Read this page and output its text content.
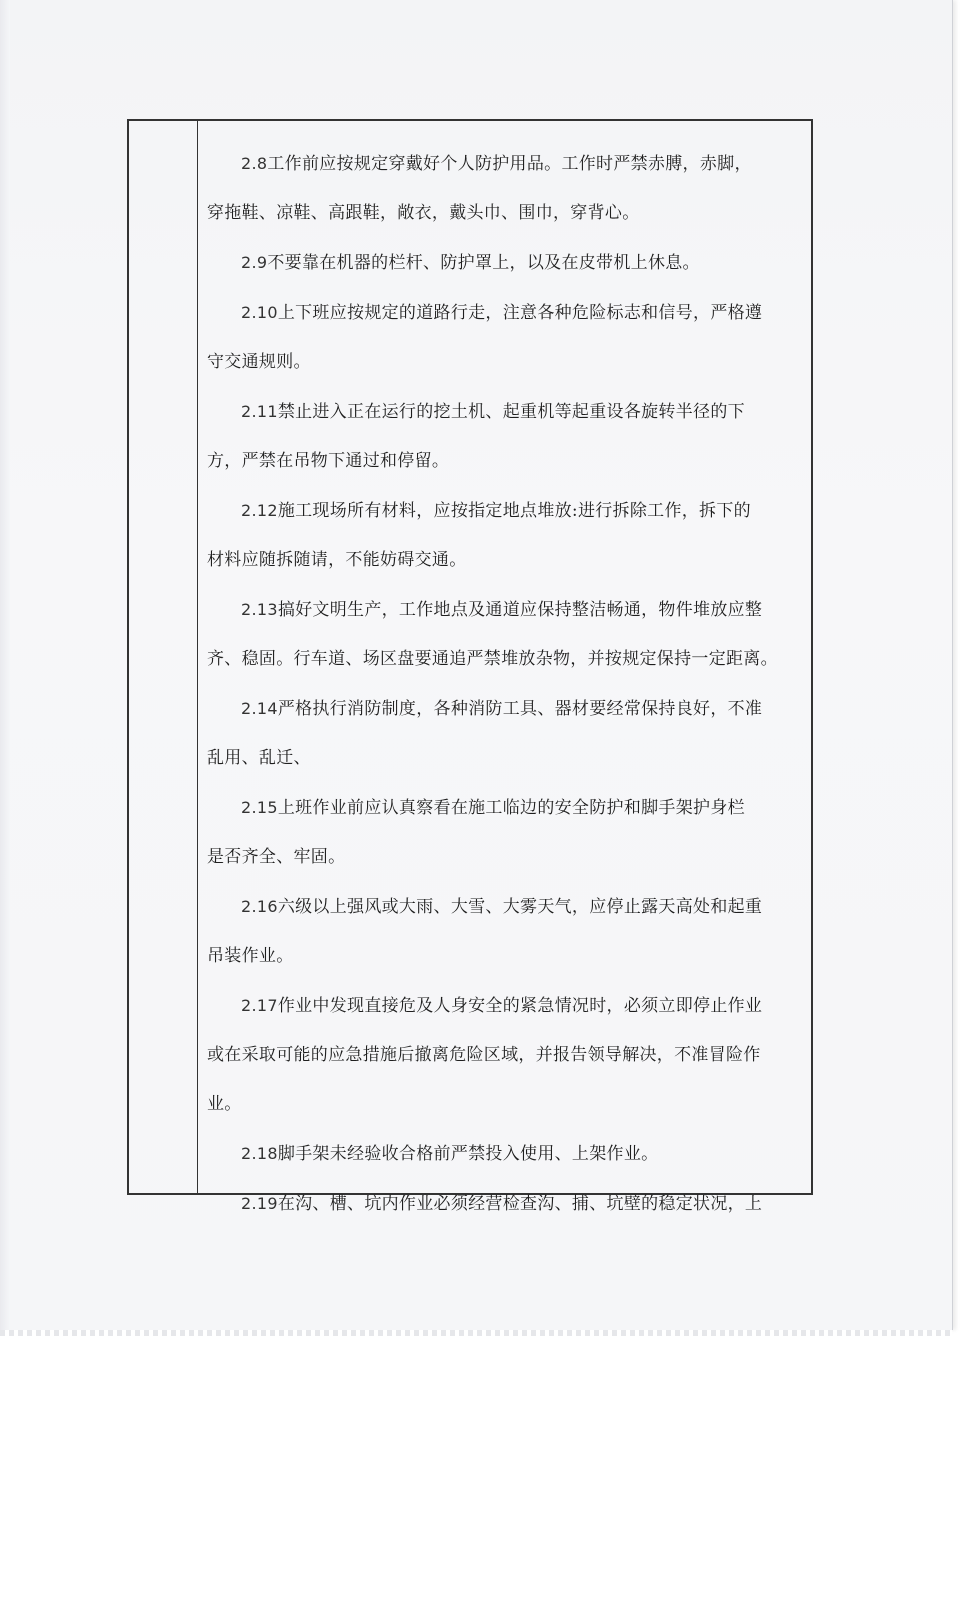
2.8工作前应按规定穿戴好个人防护用品。工作时严禁赤膊，赤脚，

穿拖鞋、凉鞋、高跟鞋，敞衣，戴头巾、围巾，穿背心。

2.9不要靠在机器的栏杆、防护罩上，以及在皮带机上休息。

2.10上下班应按规定的道路行走，注意各种危险标志和信号，严格遵

守交通规则。

2.11禁止进入正在运行的挖土机、起重机等起重设各旋转半径的下

方，严禁在吊物下通过和停留。

2.12施工现场所有材料，应按指定地点堆放:进行拆除工作，拆下的

材料应随拆随请，不能妨碍交通。

2.13搞好文明生产，工作地点及通道应保持整洁畅通，物件堆放应整

齐、稳固。行车道、场区盘要通追严禁堆放杂物，并按规定保持一定距离。

2.14严格执行消防制度，各种消防工具、器材要经常保持良好，不准

乱用、乱迁、

2.15上班作业前应认真察看在施工临边的安全防护和脚手架护身栏

是否齐全、牢固。

2.16六级以上强风或大雨、大雪、大雾天气，应停止露天高处和起重

吊装作业。

2.17作业中发现直接危及人身安全的紧急情况时，必须立即停止作业

或在采取可能的应急措施后撤离危险区域，并报告领导解决，不准冒险作

业。

2.18脚手架未经验收合格前严禁投入使用、上架作业。

2.19在沟、槽、坑内作业必须经营检查沟、捕、坑壁的稳定状况，上
